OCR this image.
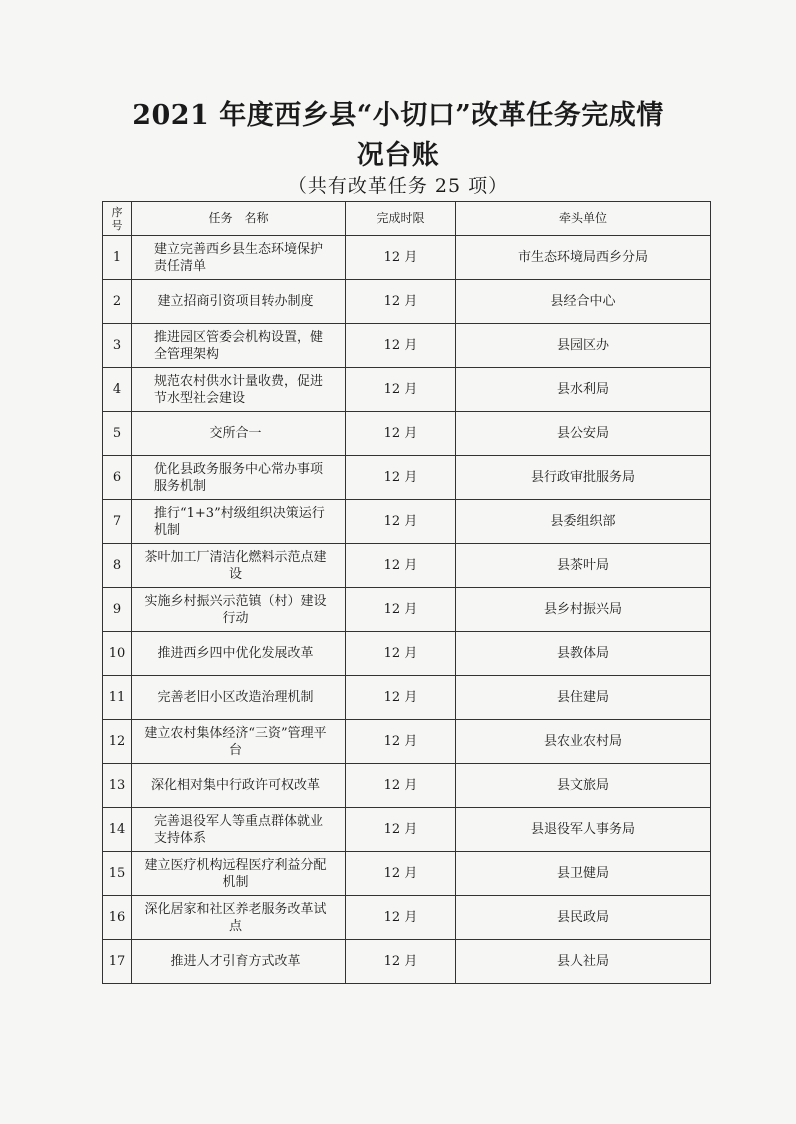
2021 年度西乡县“小切口”改革任务完成情
况台账
（共有改革任务 25 项）
序号	任务　名称	完成时限	牵头单位
1	建立完善西乡县生态环境保护责任清单	12 月	市生态环境局西乡分局
2	建立招商引资项目转办制度	12 月	县经合中心
3	推进园区管委会机构设置，健全管理架构	12 月	县园区办
4	规范农村供水计量收费，促进节水型社会建设	12 月	县水利局
5	交所合一	12 月	县公安局
6	优化县政务服务中心常办事项服务机制	12 月	县行政审批服务局
7	推行“1+3”村级组织决策运行机制	12 月	县委组织部
8	茶叶加工厂清洁化燃料示范点建设	12 月	县茶叶局
9	实施乡村振兴示范镇（村）建设行动	12 月	县乡村振兴局
10	推进西乡四中优化发展改革	12 月	县教体局
11	完善老旧小区改造治理机制	12 月	县住建局
12	建立农村集体经济“三资”管理平台	12 月	县农业农村局
13	深化相对集中行政许可权改革	12 月	县文旅局
14	完善退役军人等重点群体就业支持体系	12 月	县退役军人事务局
15	建立医疗机构远程医疗利益分配机制	12 月	县卫健局
16	深化居家和社区养老服务改革试点	12 月	县民政局
17	推进人才引育方式改革	12 月	县人社局
